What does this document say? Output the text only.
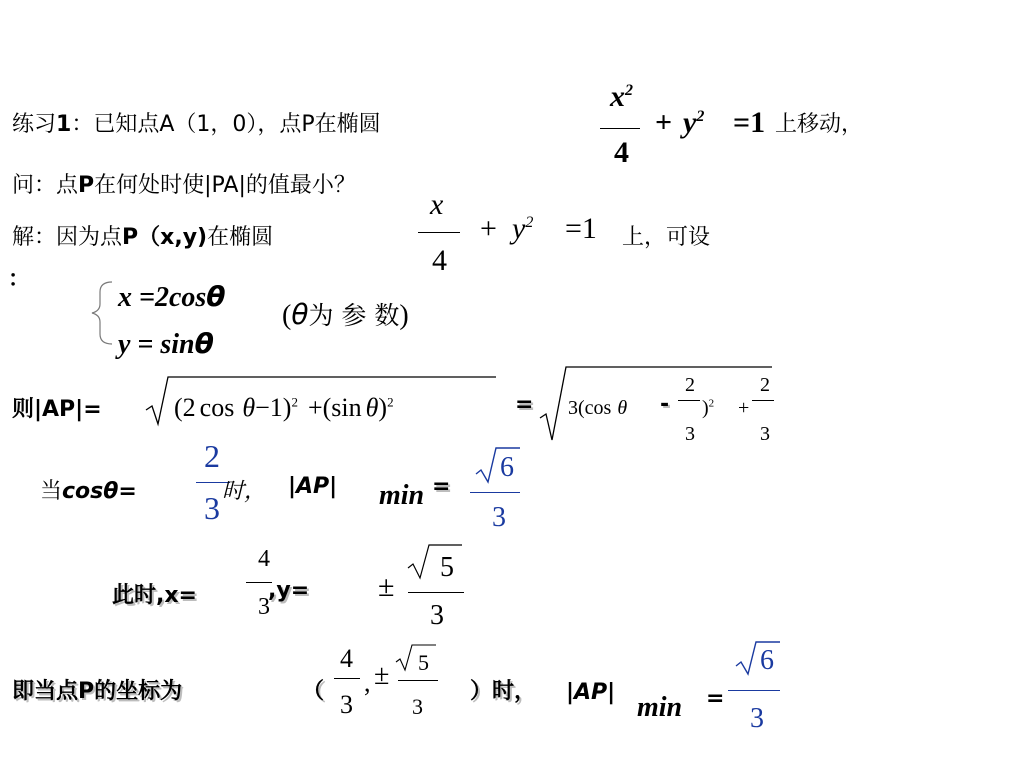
练习1：已知点A（1，0），点P在椭圆
$x^2$
4
+ $y^2 =1$ 上移动，
问：点P在何处时使|PA|的值最小？
解：因为点P（x,y)在椭圆
x
4
+ $y^2 =1$ 上，可设
：
x =2cosθ
y = sinθ
(θ为 参 数)
则|AP|=	(2 cos θ−1)$^2$ +(sin θ)$^2$	= 3(cos θ -
2
3
)$^2$ +
2
3
当cosθ=
2
3 时， |AP| min =
6
3
此时,x=
4
3
,y= ±
5
3
即当点P的坐标为	（
4
3
, ± 5
3
）时， |AP| min =
6
3
